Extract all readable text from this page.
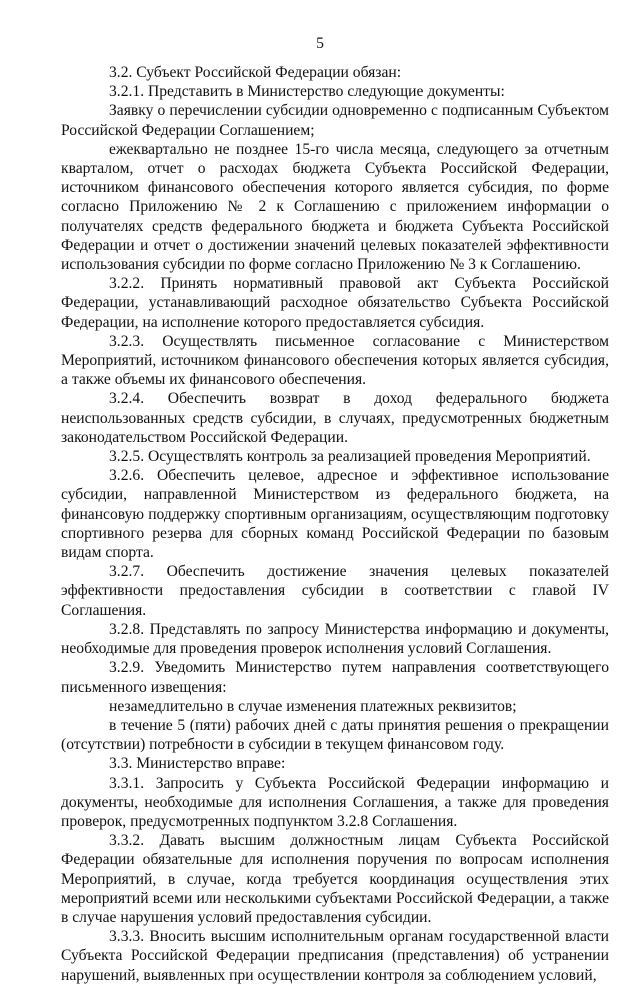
5

3.2. Субъект Российской Федерации обязан:

3.2.1. Представить в Министерство следующие документы:

Заявку о перечислении субсидии одновременно с подписанным Субъектом Российской Федерации Соглашением;

ежеквартально не позднее 15-го числа месяца, следующего за отчетным кварталом, отчет о расходах бюджета Субъекта Российской Федерации, источником финансового обеспечения которого является субсидия, по форме согласно Приложению № 2 к Соглашению с приложением информации о получателях средств федерального бюджета и бюджета Субъекта Российской Федерации и отчет о достижении значений целевых показателей эффективности использования субсидии по форме согласно Приложению № 3 к Соглашению.

3.2.2. Принять нормативный правовой акт Субъекта Российской Федерации, устанавливающий расходное обязательство Субъекта Российской Федерации, на исполнение которого предоставляется субсидия.

3.2.3. Осуществлять письменное согласование с Министерством Мероприятий, источником финансового обеспечения которых является субсидия, а также объемы их финансового обеспечения.

3.2.4. Обеспечить возврат в доход федерального бюджета неиспользованных средств субсидии, в случаях, предусмотренных бюджетным законодательством Российской Федерации.

3.2.5. Осуществлять контроль за реализацией проведения Мероприятий.

3.2.6. Обеспечить целевое, адресное и эффективное использование субсидии, направленной Министерством из федерального бюджета, на финансовую поддержку спортивным организациям, осуществляющим подготовку спортивного резерва для сборных команд Российской Федерации по базовым видам спорта.

3.2.7. Обеспечить достижение значения целевых показателей эффективности предоставления субсидии в соответствии с главой IV Соглашения.

3.2.8. Представлять по запросу Министерства информацию и документы, необходимые для проведения проверок исполнения условий Соглашения.

3.2.9. Уведомить Министерство путем направления соответствующего письменного извещения:

незамедлительно в случае изменения платежных реквизитов;

в течение 5 (пяти) рабочих дней с даты принятия решения о прекращении (отсутствии) потребности в субсидии в текущем финансовом году.

3.3. Министерство вправе:

3.3.1. Запросить у Субъекта Российской Федерации информацию и документы, необходимые для исполнения Соглашения, а также для проведения проверок, предусмотренных подпунктом 3.2.8 Соглашения.

3.3.2. Давать высшим должностным лицам Субъекта Российской Федерации обязательные для исполнения поручения по вопросам исполнения Мероприятий, в случае, когда требуется координация осуществления этих мероприятий всеми или несколькими субъектами Российской Федерации, а также в случае нарушения условий предоставления субсидии.

3.3.3. Вносить высшим исполнительным органам государственной власти Субъекта Российской Федерации предписания (представления) об устранении нарушений, выявленных при осуществлении контроля за соблюдением условий,
